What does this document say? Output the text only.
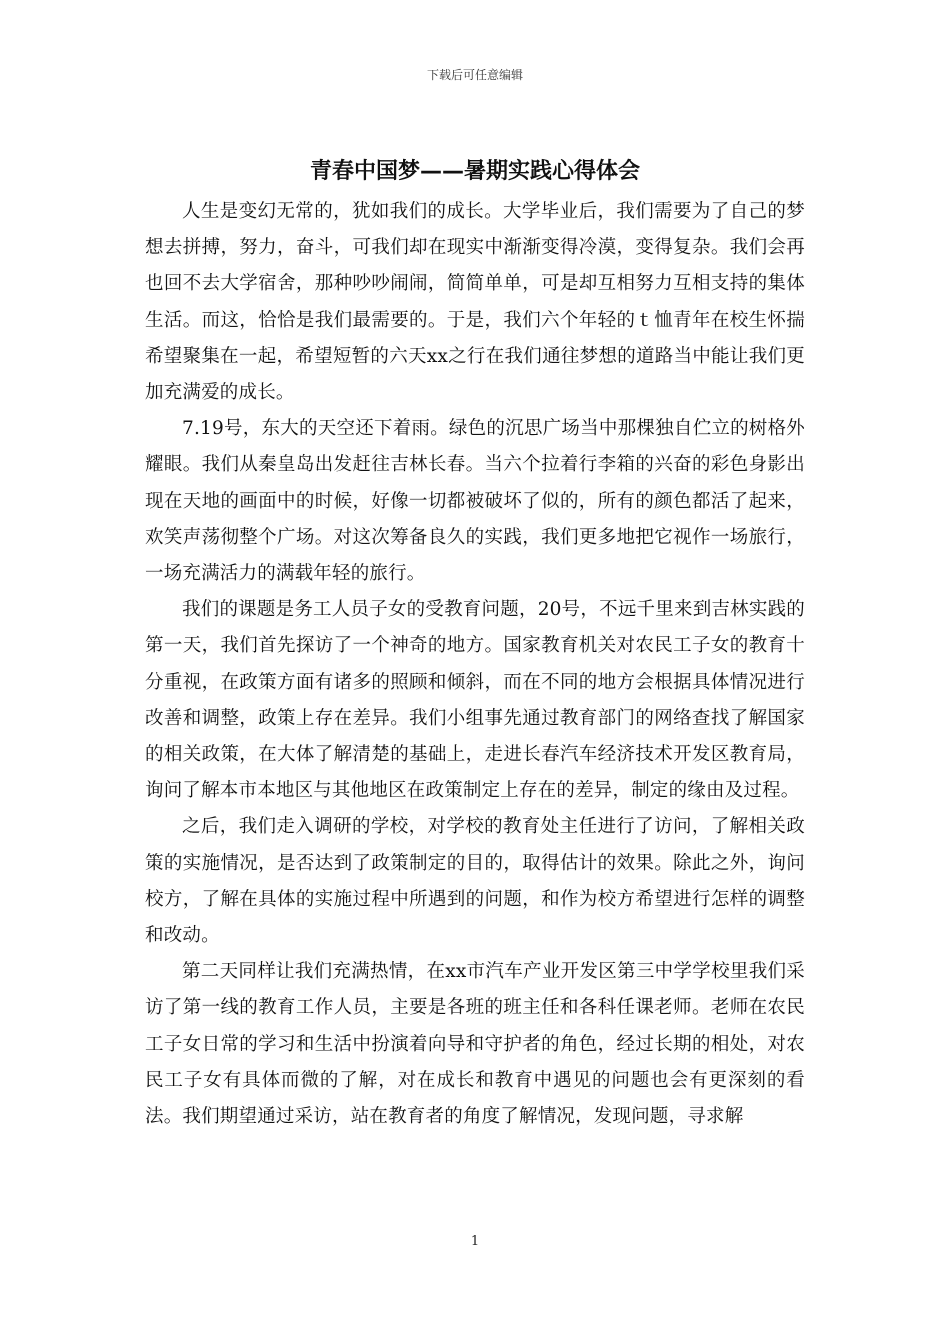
下载后可任意编辑
青春中国梦——暑期实践心得体会

人生是变幻无常的，犹如我们的成长。大学毕业后，我们需要为了自己的梦想去拼搏，努力，奋斗，可我们却在现实中渐渐变得冷漠，变得复杂。我们会再也回不去大学宿舍，那种吵吵闹闹，简简单单，可是却互相努力互相支持的集体生活。而这，恰恰是我们最需要的。于是，我们六个年轻的ｔ恤青年在校生怀揣希望聚集在一起，希望短暂的六天xx之行在我们通往梦想的道路当中能让我们更加充满爱的成长。

7.19号，东大的天空还下着雨。绿色的沉思广场当中那棵独自伫立的树格外耀眼。我们从秦皇岛出发赶往吉林长春。当六个拉着行李箱的兴奋的彩色身影出现在天地的画面中的时候，好像一切都被破坏了似的，所有的颜色都活了起来，欢笑声荡彻整个广场。对这次筹备良久的实践，我们更多地把它视作一场旅行，一场充满活力的满载年轻的旅行。

我们的课题是务工人员子女的受教育问题，20号，不远千里来到吉林实践的第一天，我们首先探访了一个神奇的地方。国家教育机关对农民工子女的教育十分重视，在政策方面有诸多的照顾和倾斜，而在不同的地方会根据具体情况进行改善和调整，政策上存在差异。我们小组事先通过教育部门的网络查找了解国家的相关政策，在大体了解清楚的基础上，走进长春汽车经济技术开发区教育局，询问了解本市本地区与其他地区在政策制定上存在的差异，制定的缘由及过程。

之后，我们走入调研的学校，对学校的教育处主任进行了访问，了解相关政策的实施情况，是否达到了政策制定的目的，取得估计的效果。除此之外，询问校方，了解在具体的实施过程中所遇到的问题，和作为校方希望进行怎样的调整和改动。

第二天同样让我们充满热情，在xx市汽车产业开发区第三中学学校里我们采访了第一线的教育工作人员，主要是各班的班主任和各科任课老师。老师在农民工子女日常的学习和生活中扮演着向导和守护者的角色，经过长期的相处，对农民工子女有具体而微的了解，对在成长和教育中遇见的问题也会有更深刻的看法。我们期望通过采访，站在教育者的角度了解情况，发现问题，寻求解

1
